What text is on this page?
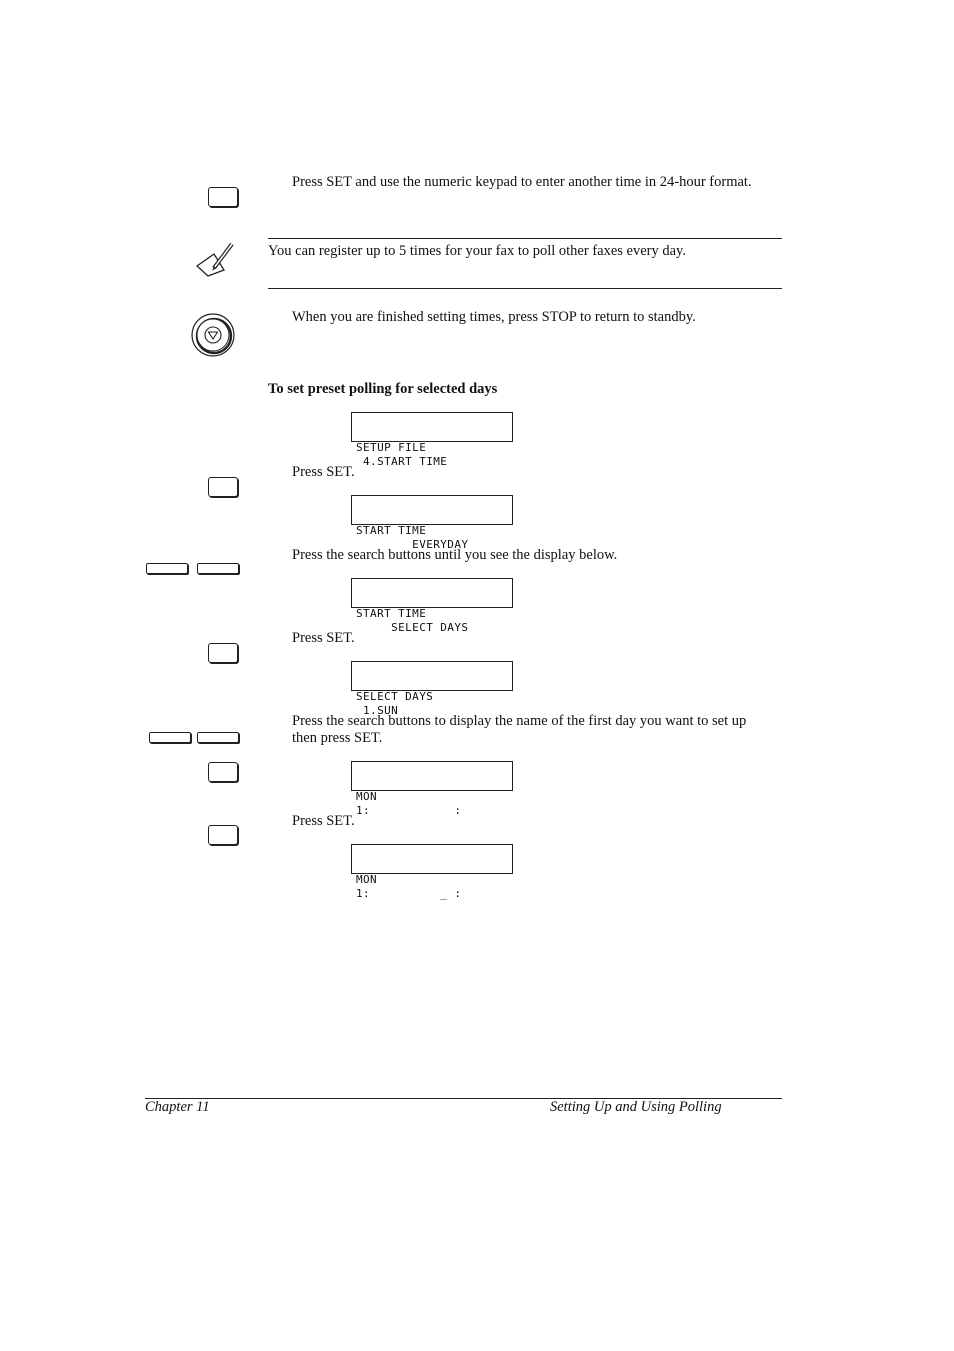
Press SET and use the numeric keypad to enter another time in 24-hour format.
You can register up to 5 times for your fax to poll other faxes every day.
When you are finished setting times, press STOP to return to standby.
To set preset polling for selected days

SETUP FILE
4.START TIME

Press SET.

START TIME
EVERYDAY

Press the search buttons until you see the display below.

START TIME
SELECT DAYS

Press SET.

SELECT DAYS
1.SUN

Press the search buttons to display the name of the first day you want to set up then press SET.

MON
1:            :

Press SET.

MON
1:          _ :

Chapter 11	Setting Up and Using Polling
